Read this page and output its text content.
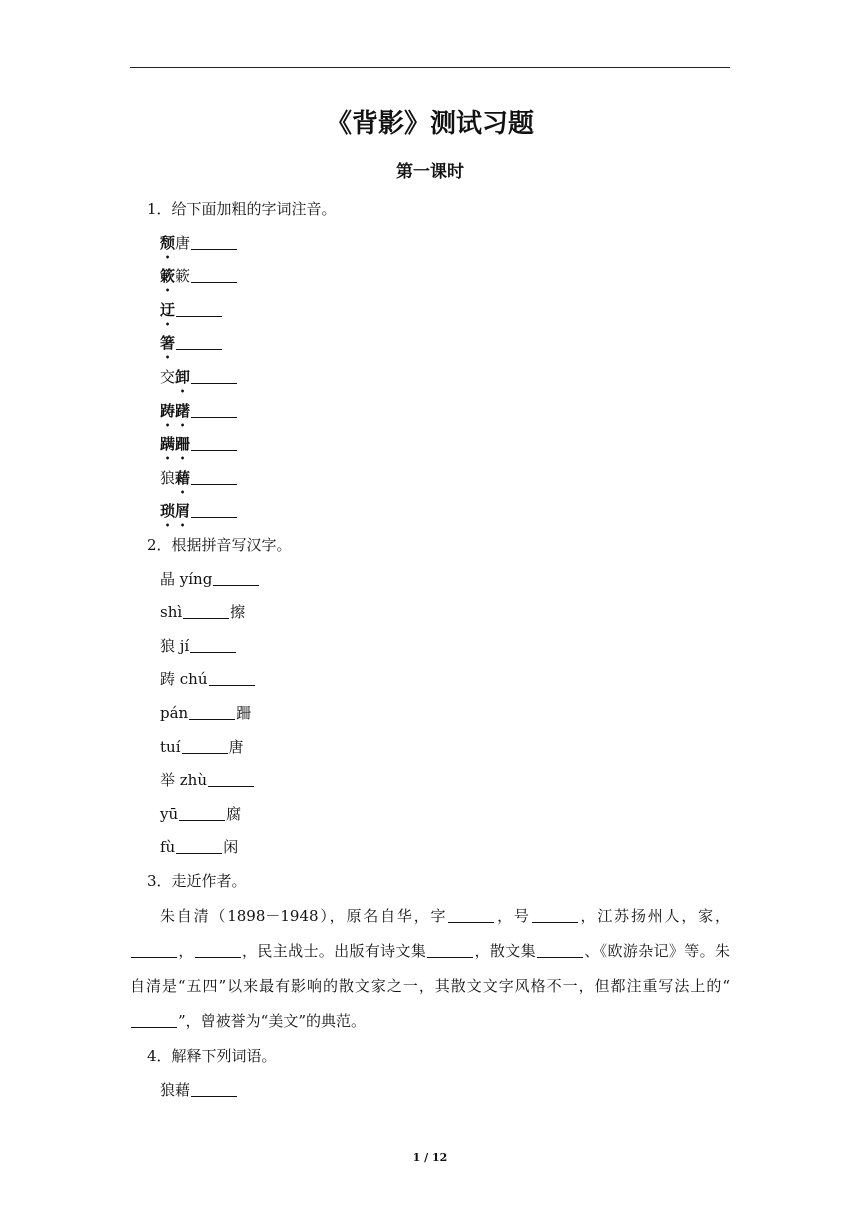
《背影》测试习题
第一课时
1．给下面加粗的字词注音。
颓唐
簌簌
迂
箸
交卸
踌躇
蹒跚
狼藉
琐屑
2．根据拼音写汉字。
晶 yíng
shì	擦
狼 jí
踌 chú
pán	跚
tuí	唐
举 zhù
yū	腐
fù	闲
3．走近作者。

朱自清（1898－1948），原名自华，字	，号	，江苏扬州人，家，，	，民主战士。出版有诗文集	，散文集	、《欧游杂记》等。朱自清是“五四”以来最有影响的散文家之一，其散文文字风格不一，但都注重写法上的“”，曾被誉为“美文”的典范。

4．解释下列词语。
狼藉
1 / 12
